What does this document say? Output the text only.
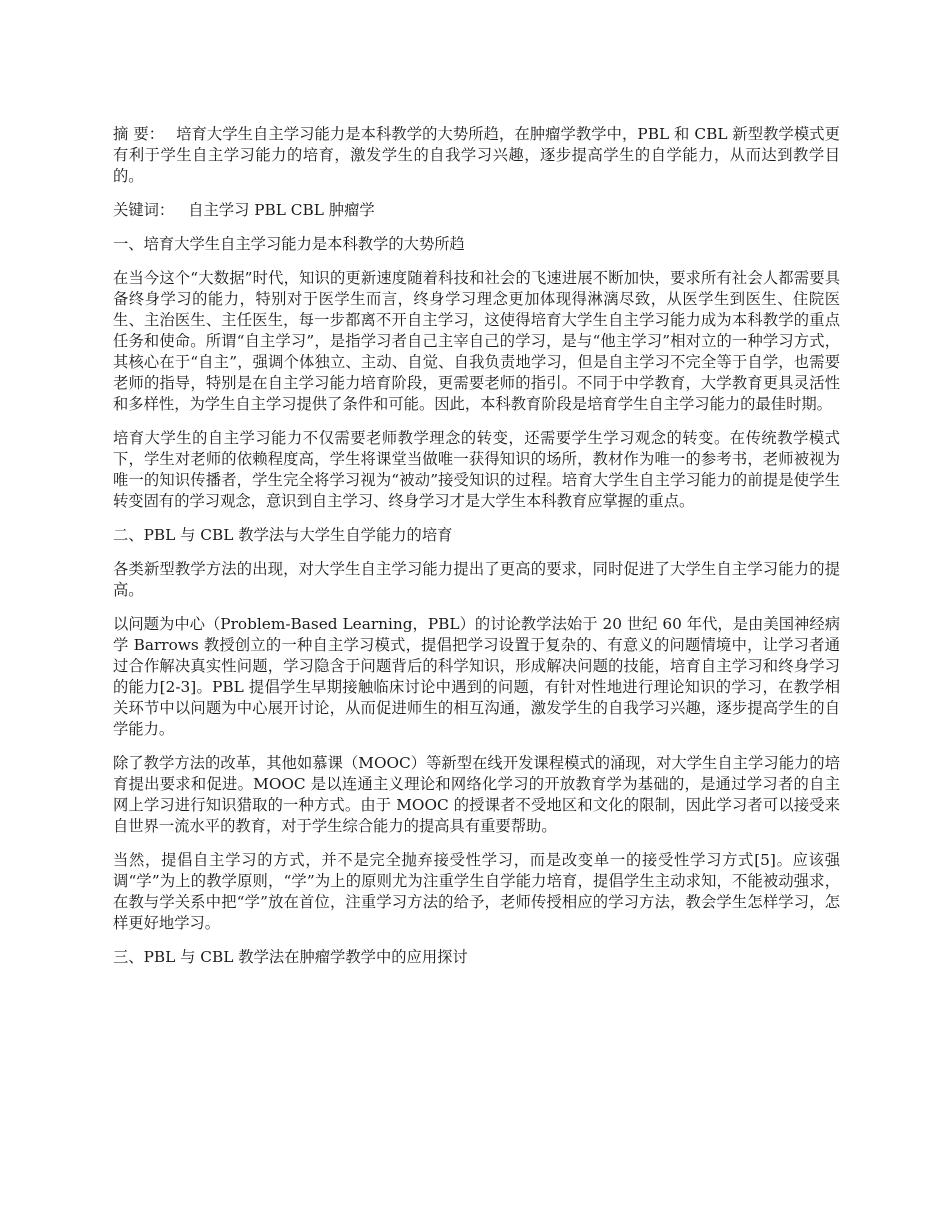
摘 要： 培育大学生自主学习能力是本科教学的大势所趋，在肿瘤学教学中，PBL 和 CBL 新型教学模式更有利于学生自主学习能力的培育，激发学生的自我学习兴趣，逐步提高学生的自学能力，从而达到教学目的。

关键词： 自主学习 PBL CBL 肿瘤学

一、培育大学生自主学习能力是本科教学的大势所趋

在当今这个“大数据”时代，知识的更新速度随着科技和社会的飞速进展不断加快，要求所有社会人都需要具备终身学习的能力，特别对于医学生而言，终身学习理念更加体现得淋漓尽致，从医学生到医生、住院医生、主治医生、主任医生，每一步都离不开自主学习，这使得培育大学生自主学习能力成为本科教学的重点任务和使命。所谓“自主学习”，是指学习者自己主宰自己的学习，是与“他主学习”相对立的一种学习方式，其核心在于“自主”，强调个体独立、主动、自觉、自我负责地学习，但是自主学习不完全等于自学，也需要老师的指导，特别是在自主学习能力培育阶段，更需要老师的指引。不同于中学教育，大学教育更具灵活性和多样性，为学生自主学习提供了条件和可能。因此，本科教育阶段是培育学生自主学习能力的最佳时期。

培育大学生的自主学习能力不仅需要老师教学理念的转变，还需要学生学习观念的转变。在传统教学模式下，学生对老师的依赖程度高，学生将课堂当做唯一获得知识的场所，教材作为唯一的参考书，老师被视为唯一的知识传播者，学生完全将学习视为“被动”接受知识的过程。培育大学生自主学习能力的前提是使学生转变固有的学习观念，意识到自主学习、终身学习才是大学生本科教育应掌握的重点。

二、PBL 与 CBL 教学法与大学生自学能力的培育

各类新型教学方法的出现，对大学生自主学习能力提出了更高的要求，同时促进了大学生自主学习能力的提高。

以问题为中心（Problem-Based Learning，PBL）的讨论教学法始于 20 世纪 60 年代，是由美国神经病学 Barrows 教授创立的一种自主学习模式，提倡把学习设置于复杂的、有意义的问题情境中，让学习者通过合作解决真实性问题，学习隐含于问题背后的科学知识，形成解决问题的技能，培育自主学习和终身学习的能力[2-3]。PBL 提倡学生早期接触临床讨论中遇到的问题，有针对性地进行理论知识的学习，在教学相关环节中以问题为中心展开讨论，从而促进师生的相互沟通，激发学生的自我学习兴趣，逐步提高学生的自学能力。

除了教学方法的改革，其他如慕课（MOOC）等新型在线开发课程模式的涌现，对大学生自主学习能力的培育提出要求和促进。MOOC 是以连通主义理论和网络化学习的开放教育学为基础的，是通过学习者的自主网上学习进行知识猎取的一种方式。由于 MOOC 的授课者不受地区和文化的限制，因此学习者可以接受来自世界一流水平的教育，对于学生综合能力的提高具有重要帮助。

当然，提倡自主学习的方式，并不是完全抛弃接受性学习，而是改变单一的接受性学习方式[5]。应该强调“学”为上的教学原则，“学”为上的原则尤为注重学生自学能力培育，提倡学生主动求知，不能被动强求，在教与学关系中把“学”放在首位，注重学习方法的给予，老师传授相应的学习方法，教会学生怎样学习，怎样更好地学习。

三、PBL 与 CBL 教学法在肿瘤学教学中的应用探讨
